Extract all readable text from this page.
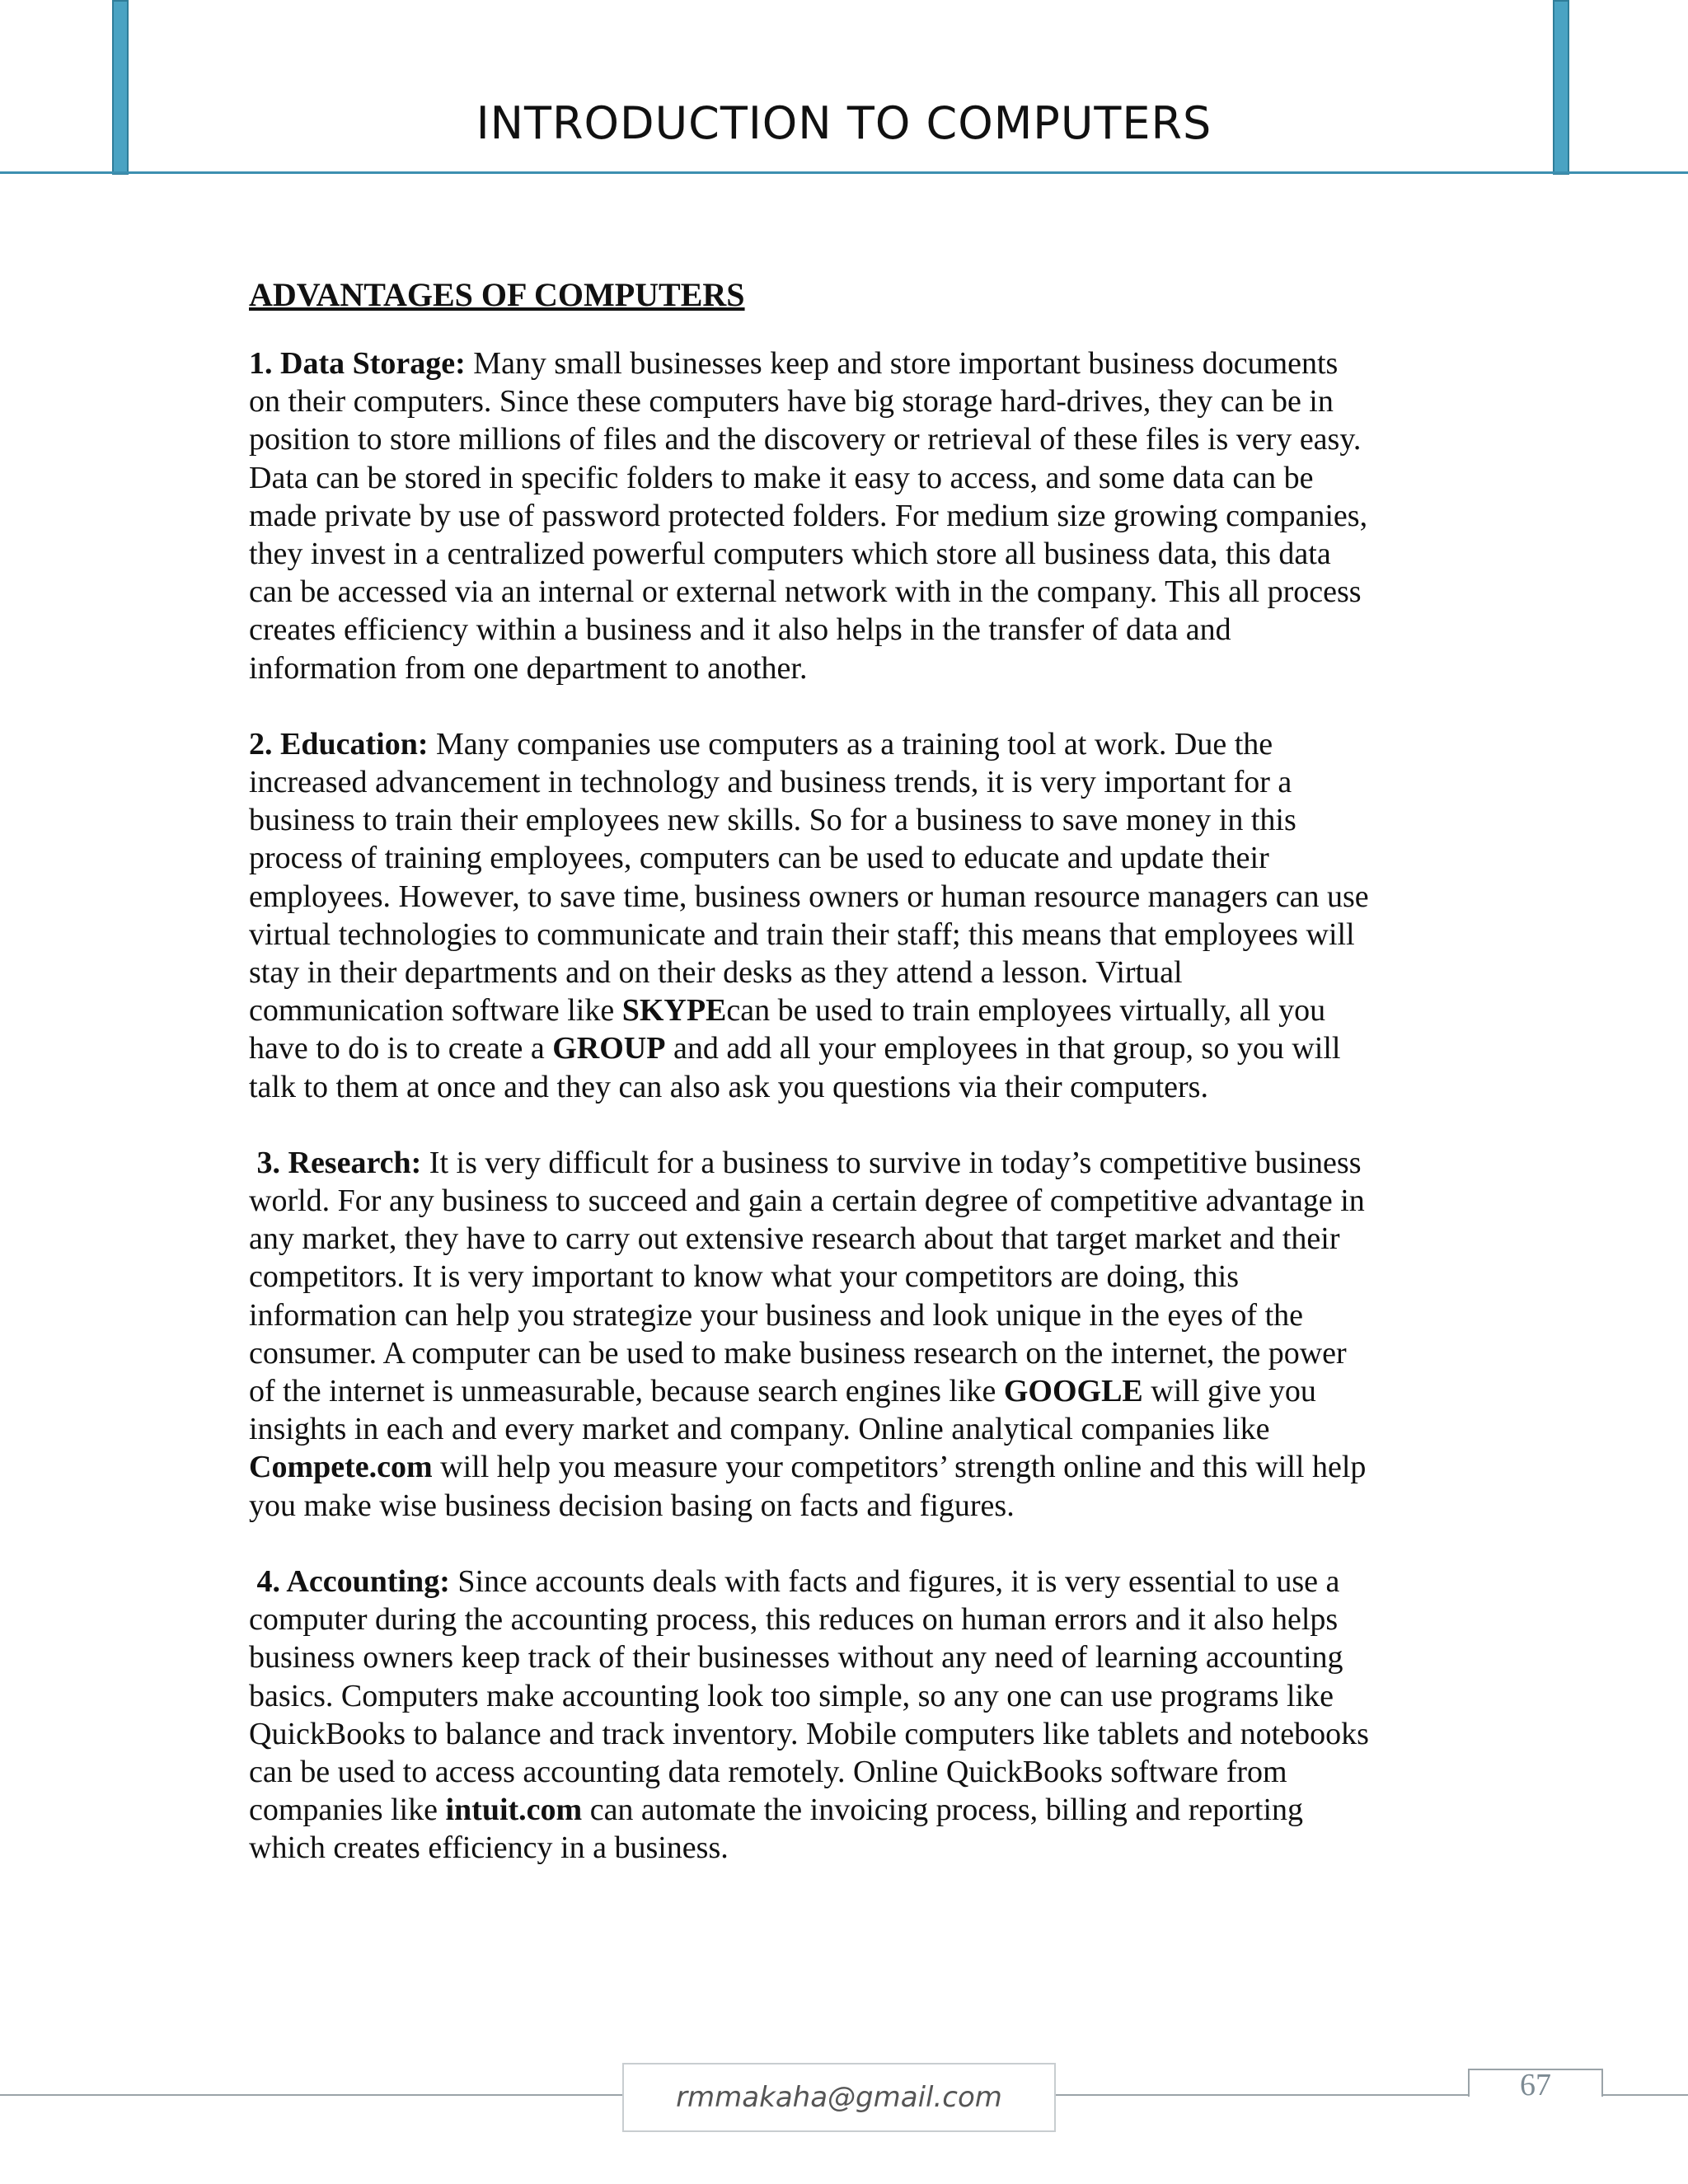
INTRODUCTION TO COMPUTERS
ADVANTAGES OF COMPUTERS
1. Data Storage: Many small businesses keep and store important business documents
on their computers. Since these computers have big storage hard-drives, they can be in
position to store millions of files and the discovery or retrieval of these files is very easy.
Data can be stored in specific folders to make it easy to access, and some data can be
made private by use of password protected folders. For medium size growing companies,
they invest in a centralized powerful computers which store all business data, this data
can be accessed via an internal or external network with in the company. This all process
creates efficiency within a business and it also helps in the transfer of data and
information from one department to another.
2. Education: Many companies use computers as a training tool at work. Due the
increased advancement in technology and business trends, it is very important for a
business to train their employees new skills. So for a business to save money in this
process of training employees, computers can be used to educate and update their
employees. However, to save time, business owners or human resource managers can use
virtual technologies to communicate and train their staff; this means that employees will
stay in their departments and on their desks as they attend a lesson. Virtual
communication software like SKYPEcan be used to train employees virtually, all you
have to do is to create a GROUP and add all your employees in that group, so you will
talk to them at once and they can also ask you questions via their computers.
3. Research: It is very difficult for a business to survive in today’s competitive business
world. For any business to succeed and gain a certain degree of competitive advantage in
any market, they have to carry out extensive research about that target market and their
competitors. It is very important to know what your competitors are doing, this
information can help you strategize your business and look unique in the eyes of the
consumer. A computer can be used to make business research on the internet, the power
of the internet is unmeasurable, because search engines like GOOGLE will give you
insights in each and every market and company. Online analytical companies like
Compete.com will help you measure your competitors’ strength online and this will help
you make wise business decision basing on facts and figures.
4. Accounting: Since accounts deals with facts and figures, it is very essential to use a
computer during the accounting process, this reduces on human errors and it also helps
business owners keep track of their businesses without any need of learning accounting
basics. Computers make accounting look too simple, so any one can use programs like
QuickBooks to balance and track inventory. Mobile computers like tablets and notebooks
can be used to access accounting data remotely. Online QuickBooks software from
companies like intuit.com can automate the invoicing process, billing and reporting
which creates efficiency in a business.
rmmakaha@gmail.com	67
